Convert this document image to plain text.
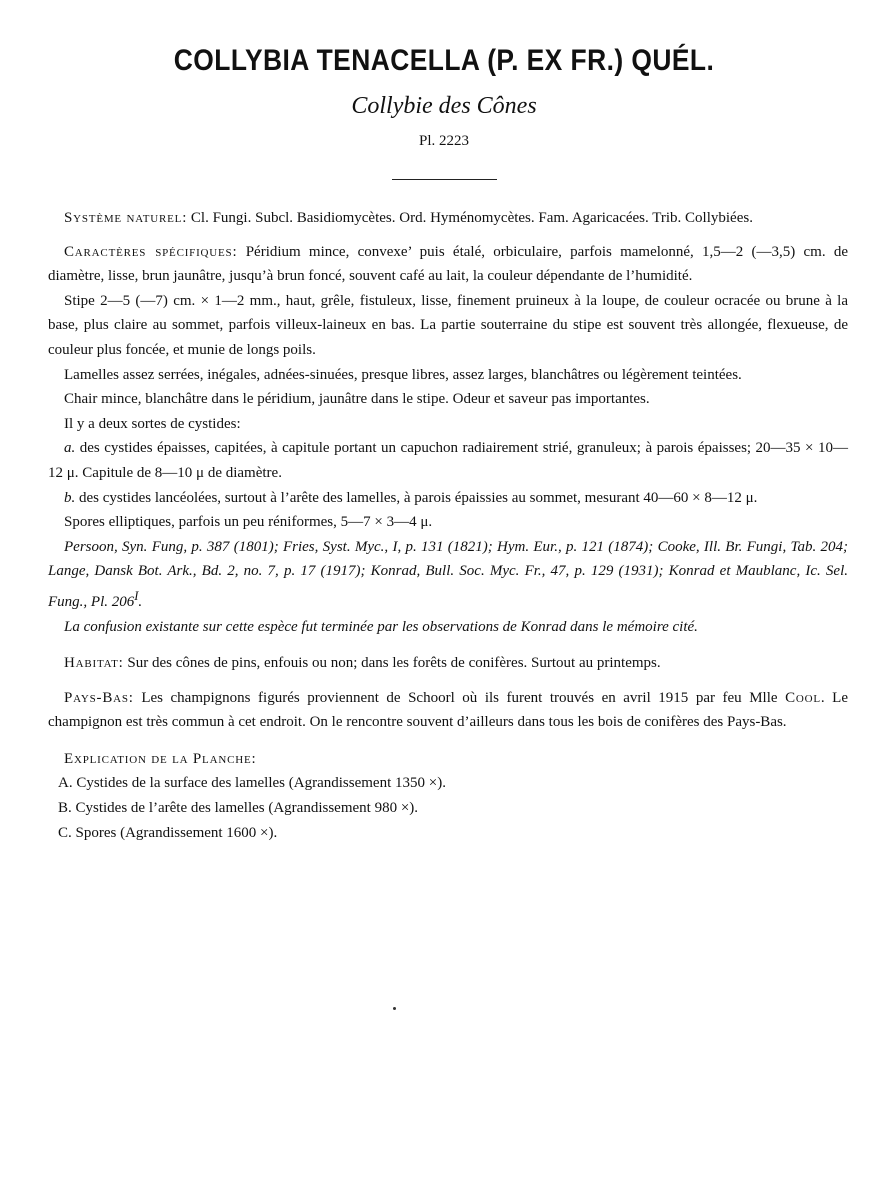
COLLYBIA TENACELLA (P. EX FR.) QUÉL.
Collybie des Cônes
Pl. 2223

Système naturel: Cl. Fungi. Subcl. Basidiomycètes. Ord. Hyménomycètes. Fam. Agaricacées. Trib. Collybiées.

Caractères spécifiques: Péridium mince, convexe’ puis étalé, orbiculaire, parfois mamelonné, 1,5—2 (—3,5) cm. de diamètre, lisse, brun jaunâtre, jusqu’à brun foncé, souvent café au lait, la couleur dépendante de l’humidité.

Stipe 2—5 (—7) cm. × 1—2 mm., haut, grêle, fistuleux, lisse, finement pruineux à la loupe, de couleur ocracée ou brune à la base, plus claire au sommet, parfois villeux-laineux en bas. La partie souterraine du stipe est souvent très allongée, flexueuse, de couleur plus foncée, et munie de longs poils.

Lamelles assez serrées, inégales, adnées-sinuées, presque libres, assez larges, blanchâtres ou légèrement teintées.

Chair mince, blanchâtre dans le péridium, jaunâtre dans le stipe. Odeur et saveur pas importantes.

Il y a deux sortes de cystides:

a. des cystides épaisses, capitées, à capitule portant un capuchon radiairement strié, granuleux; à parois épaisses; 20—35 × 10—12 μ. Capitule de 8—10 μ de diamètre.

b. des cystides lancéolées, surtout à l’arête des lamelles, à parois épaissies au sommet, mesurant 40—60 × 8—12 μ.

Spores elliptiques, parfois un peu réniformes, 5—7 × 3—4 μ.

Persoon, Syn. Fung, p. 387 (1801); Fries, Syst. Myc., I, p. 131 (1821); Hym. Eur., p. 121 (1874); Cooke, Ill. Br. Fungi, Tab. 204; Lange, Dansk Bot. Ark., Bd. 2, no. 7, p. 17 (1917); Konrad, Bull. Soc. Myc. Fr., 47, p. 129 (1931); Konrad et Maublanc, Ic. Sel. Fung., Pl. $206^I$.

La confusion existante sur cette espèce fut terminée par les observations de Konrad dans le mémoire cité.

Habitat: Sur des cônes de pins, enfouis ou non; dans les forêts de conifères. Surtout au printemps.

Pays-Bas: Les champignons figurés proviennent de Schoorl où ils furent trouvés en avril 1915 par feu Mlle Cool. Le champignon est très commun à cet endroit. On le rencontre souvent d’ailleurs dans tous les bois de conifères des Pays-Bas.

Explication de la Planche:

A. Cystides de la surface des lamelles (Agrandissement 1350 ×).

B. Cystides de l’arête des lamelles (Agrandissement 980 ×).

C. Spores (Agrandissement 1600 ×).
